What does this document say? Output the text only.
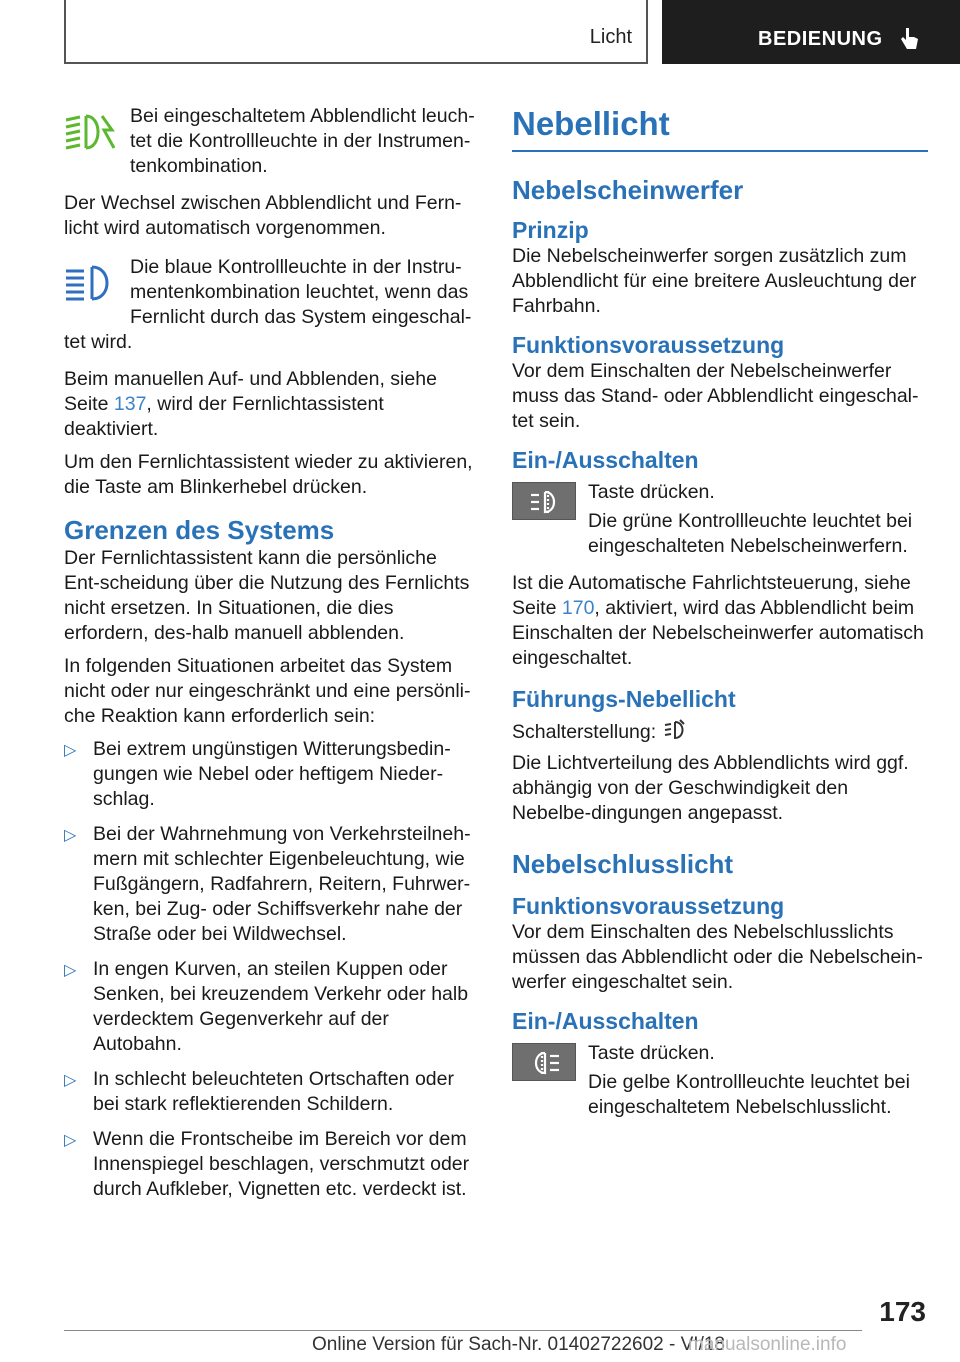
Licht	BEDIENUNG

Bei eingeschaltetem Abblendlicht leuch-tet die Kontrollleuchte in der Instrumen-tenkombination.

Der Wechsel zwischen Abblendlicht und Fern-licht wird automatisch vorgenommen.

Die blaue Kontrollleuchte in der Instru-mentenkombination leuchtet, wenn das Fernlicht durch das System eingeschal-

tet wird.

Beim manuellen Auf- und Abblenden, siehe Seite 137, wird der Fernlichtassistent deaktiviert.

Um den Fernlichtassistent wieder zu aktivieren, die Taste am Blinkerhebel drücken.

Grenzen des Systems

Der Fernlichtassistent kann die persönliche Ent-scheidung über die Nutzung des Fernlichts nicht ersetzen. In Situationen, die dies erfordern, des-halb manuell abblenden.

In folgenden Situationen arbeitet das System nicht oder nur eingeschränkt und eine persönli-che Reaktion kann erforderlich sein:

▷ Bei extrem ungünstigen Witterungsbedin-gungen wie Nebel oder heftigem Nieder-schlag.
▷ Bei der Wahrnehmung von Verkehrsteilneh-mern mit schlechter Eigenbeleuchtung, wie Fußgängern, Radfahrern, Reitern, Fuhrwer-ken, bei Zug- oder Schiffsverkehr nahe der Straße oder bei Wildwechsel.
▷ In engen Kurven, an steilen Kuppen oder Senken, bei kreuzendem Verkehr oder halb verdecktem Gegenverkehr auf der Autobahn.
▷ In schlecht beleuchteten Ortschaften oder bei stark reflektierenden Schildern.
▷ Wenn die Frontscheibe im Bereich vor dem Innenspiegel beschlagen, verschmutzt oder durch Aufkleber, Vignetten etc. verdeckt ist.
Nebellicht
Nebelscheinwerfer
Prinzip

Die Nebelscheinwerfer sorgen zusätzlich zum Abblendlicht für eine breitere Ausleuchtung der Fahrbahn.

Funktionsvoraussetzung

Vor dem Einschalten der Nebelscheinwerfer muss das Stand- oder Abblendlicht eingeschal-tet sein.

Ein-/Ausschalten

Taste drücken.

Die grüne Kontrollleuchte leuchtet bei eingeschalteten Nebelscheinwerfern.

Ist die Automatische Fahrlichtsteuerung, siehe Seite 170, aktiviert, wird das Abblendlicht beim Einschalten der Nebelscheinwerfer automatisch eingeschaltet.

Führungs-Nebellicht

Schalterstellung:

Die Lichtverteilung des Abblendlichts wird ggf. abhängig von der Geschwindigkeit den Nebelbe-dingungen angepasst.

Nebelschlusslicht
Funktionsvoraussetzung

Vor dem Einschalten des Nebelschlusslichts müssen das Abblendlicht oder die Nebelschein-werfer eingeschaltet sein.

Ein-/Ausschalten

Taste drücken.

Die gelbe Kontrollleuchte leuchtet bei eingeschaltetem Nebelschlusslicht.

173
Online Version für Sach-Nr. 01402722602 - VI/18
manualsonline.info
